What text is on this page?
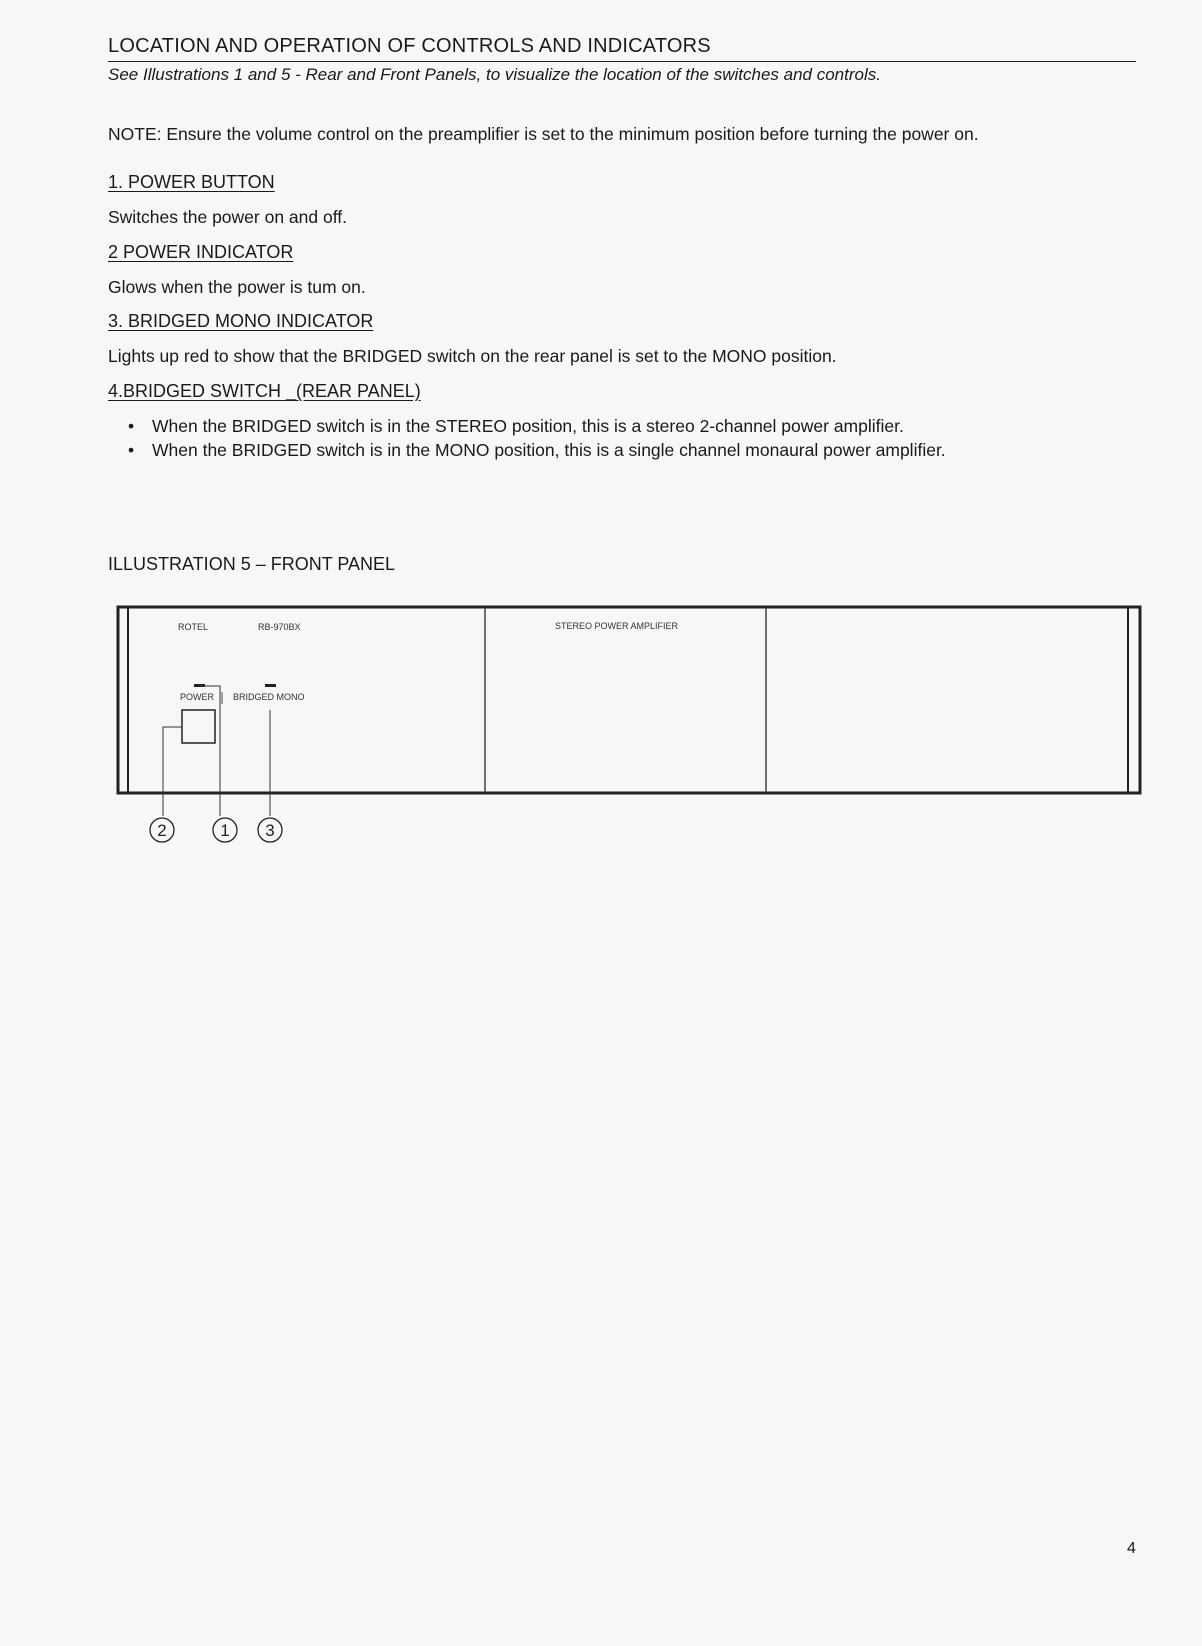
LOCATION AND OPERATION OF CONTROLS AND INDICATORS
See Illustrations 1 and 5 - Rear and Front Panels, to visualize the location of the switches and controls.
NOTE: Ensure the volume control on the preamplifier is set to the minimum position before turning the power on.
1. POWER BUTTON
Switches the power on and off.
2 POWER INDICATOR
Glows when the power is tum on.
3. BRIDGED MONO INDICATOR
Lights up red to show that the BRIDGED switch on the rear panel is set to the MONO position.
4.BRIDGED SWITCH _(REAR PANEL)
• When the BRIDGED switch is in the STEREO position, this is a stereo 2-channel power amplifier.
• When the BRIDGED switch is in the MONO position, this is a single channel monaural power amplifier.
ILLUSTRATION 5 – FRONT PANEL
ROTEL	RB-970BX	STEREO POWER AMPLIFIER
POWER BRIDGED MONO
2	1 3
4
